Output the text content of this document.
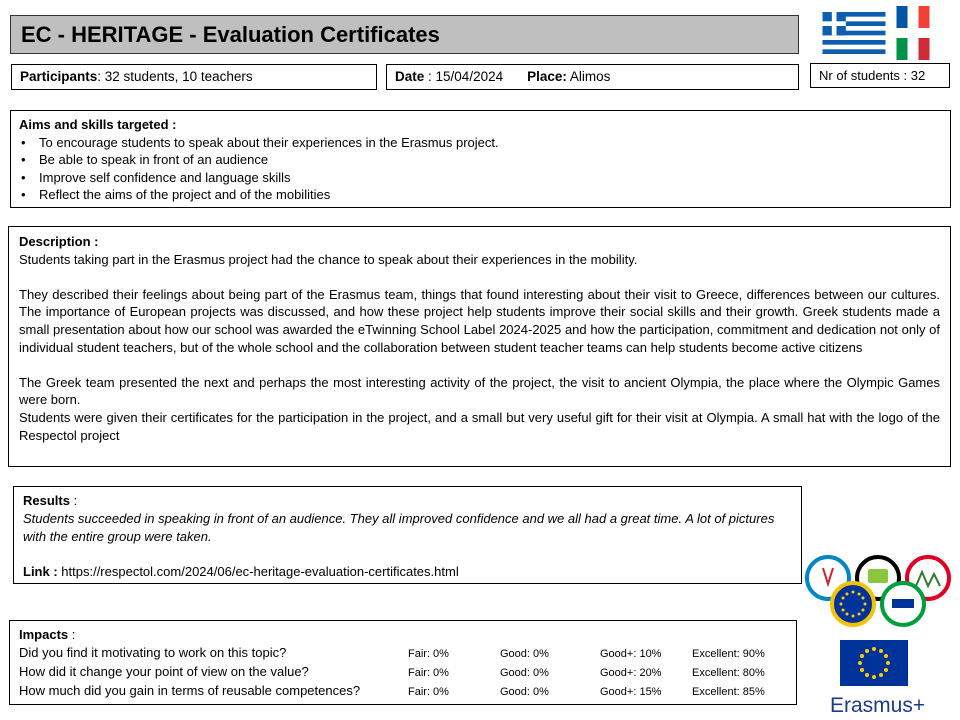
EC - HERITAGE - Evaluation Certificates
Participants: 32 students, 10 teachers	Date : 15/04/2024 Place: Alimos	Nr of students : 32
Aims and skills targeted :
• To encourage students to speak about their experiences in the Erasmus project.
• Be able to speak in front of an audience
• Improve self confidence and language skills
• Reflect the aims of the project and of the mobilities
Description :

Students taking part in the Erasmus project had the chance to speak about their experiences in the mobility.

They described their feelings about being part of the Erasmus team, things that found interesting about their visit to Greece, differences between our cultures. The importance of European projects was discussed, and how these project help students improve their social skills and their growth. Greek students made a small presentation about how our school was awarded the eTwinning School Label 2024-2025 and how the participation, commitment and dedication not only of individual student teachers, but of the whole school and the collaboration between student teacher teams can help students become active citizens

The Greek team presented the next and perhaps the most interesting activity of the project, the visit to ancient Olympia, the place where the Olympic Games were born.

Students were given their certificates for the participation in the project, and a small but very useful gift for their visit at Olympia. A small hat with the logo of the Respectol project

Results :
Students succeeded in speaking in front of an audience. They all improved confidence and we all had a great time. A lot of pictures with the entire group were taken.
Link : https://respectol.com/2024/06/ec-heritage-evaluation-certificates.html
Impacts :
Did you find it motivating to work on this topic?	Fair: 0%	Good: 0%	Good+: 10%	Excellent: 90%
How did it change your point of view on the value?	Fair: 0%	Good: 0%	Good+: 20%	Excellent: 80%
How much did you gain in terms of reusable competences?	Fair: 0%	Good: 0%	Good+: 15%	Excellent: 85%
Erasmus+
